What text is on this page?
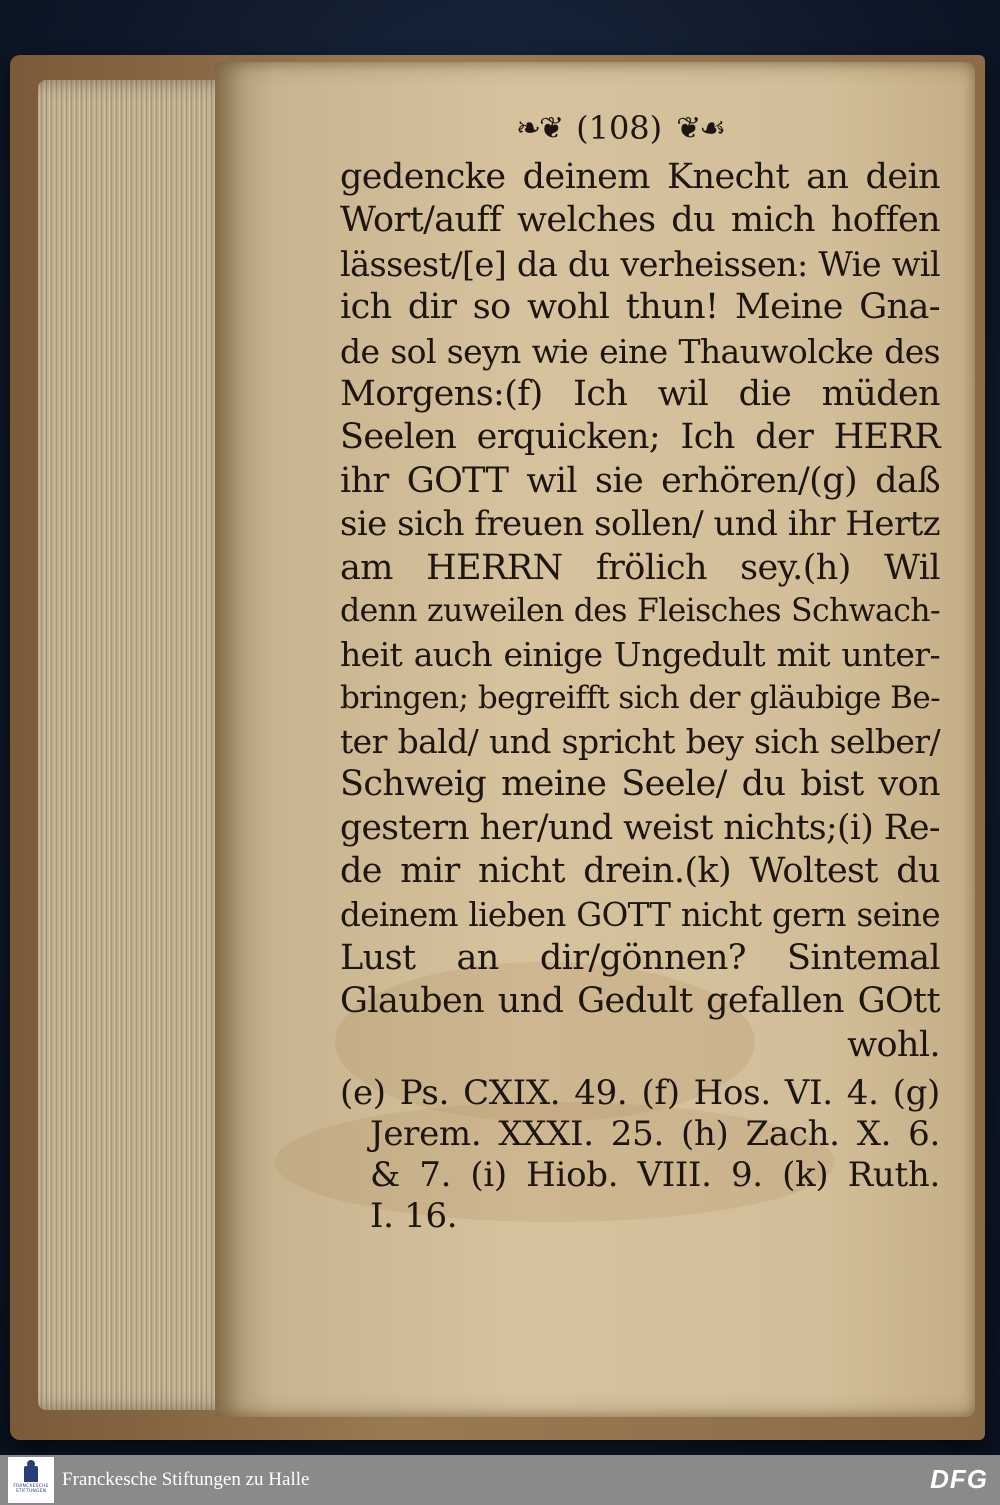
❧❦ (108) ❦☙
gedencke deinem Knecht an dein
Wort/auff welches du mich hoffen
lässest/[e] da du verheissen: Wie wil
ich dir so wohl thun! Meine Gna-
de sol seyn wie eine Thauwolcke des
Morgens:(f) Ich wil die müden
Seelen erquicken; Ich der HERR
ihr GOTT wil sie erhören/(g) daß
sie sich freuen sollen/ und ihr Hertz
am HERRN frölich sey.(h) Wil
denn zuweilen des Fleisches Schwach-
heit auch einige Ungedult mit unter-
bringen; begreifft sich der gläubige Be-
ter bald/ und spricht bey sich selber/
Schweig meine Seele/ du bist von
gestern her/und weist nichts;(i) Re-
de mir nicht drein.(k) Woltest du
deinem lieben GOTT nicht gern seine
Lust an dir/gönnen? Sintemal
Glauben und Gedult gefallen GOtt
wohl.
(e) Ps. CXIX. 49. (f) Hos. VI. 4. (g)
Jerem. XXXI. 25. (h) Zach. X. 6.
& 7. (i) Hiob. VIII. 9. (k) Ruth.
I. 16.
FRANCKESCHE STIFTUNGEN
Franckesche Stiftungen zu Halle	DFG
